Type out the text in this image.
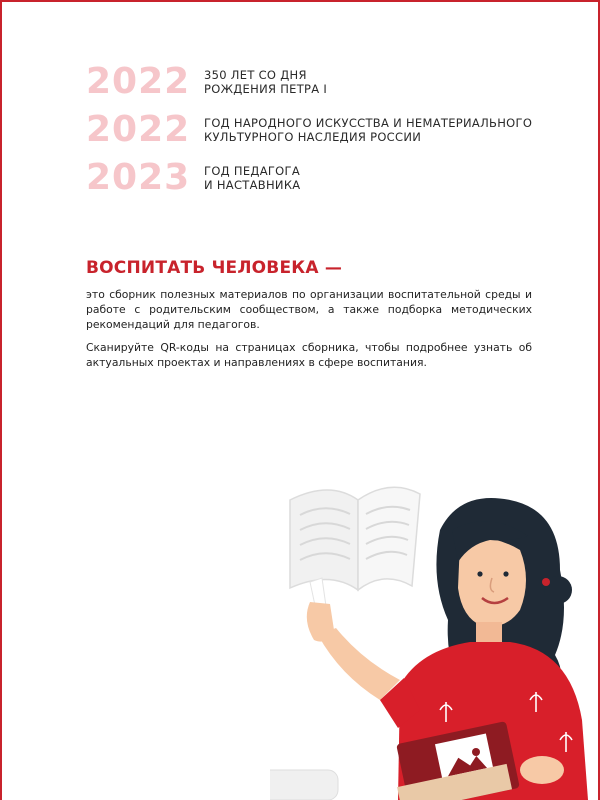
2022	350 ЛЕТ СО ДНЯ
РОЖДЕНИЯ ПЕТРА I
2022	ГОД НАРОДНОГО ИСКУССТВА И НЕМАТЕРИАЛЬНОГО
КУЛЬТУРНОГО НАСЛЕДИЯ РОССИИ
2023	ГОД ПЕДАГОГА
И НАСТАВНИКА
ВОСПИТАТЬ ЧЕЛОВЕКА —
это сборник полезных материалов по организации воспитательной среды и работе с родительским сообществом, а также подборка методических рекомендаций для педагогов.
Сканируйте QR-коды на страницах сборника, чтобы подробнее узнать об актуальных проектах и направлениях в сфере воспитания.
